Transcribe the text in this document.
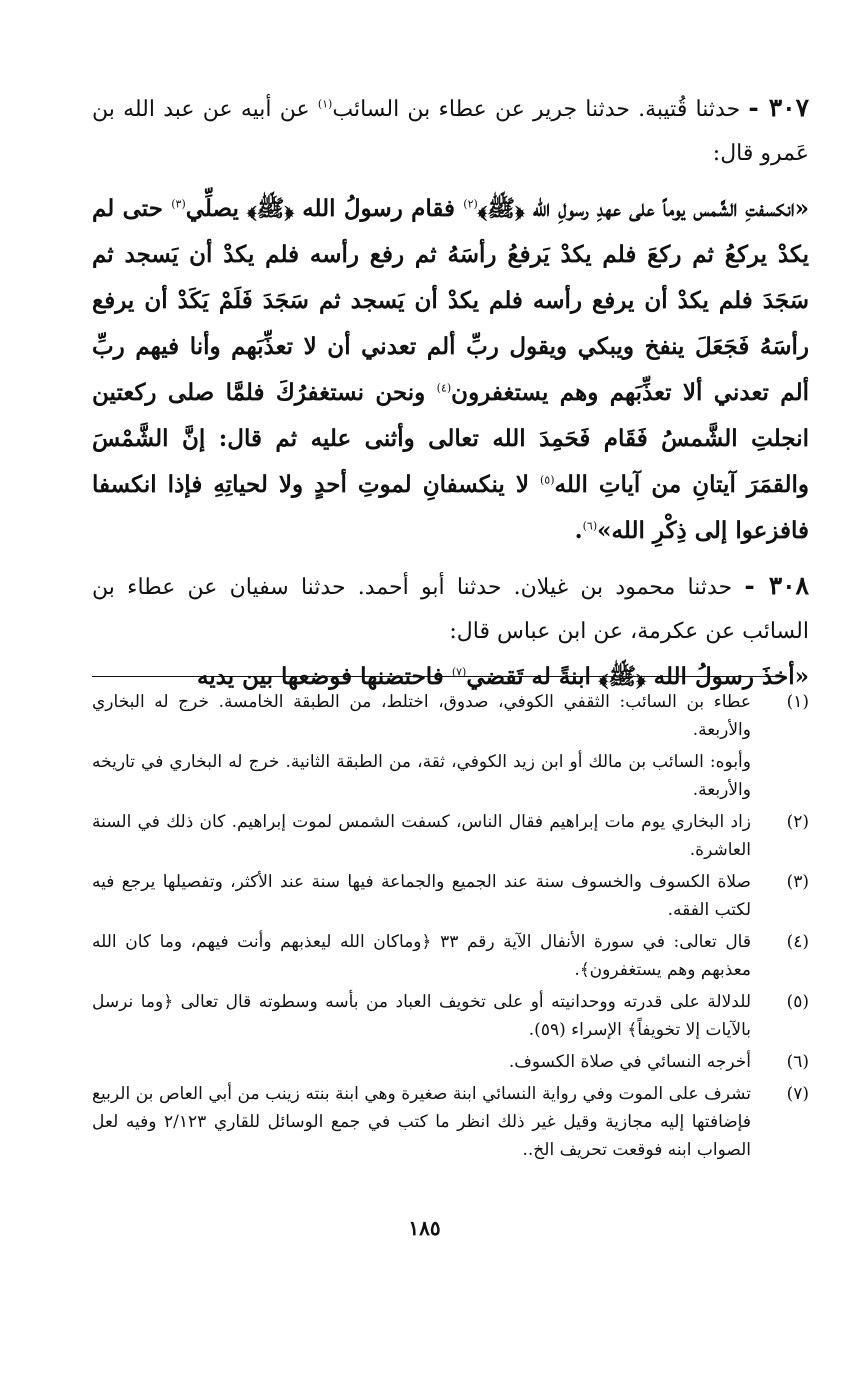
٣٠٧ - حدثنا قُتيبة. حدثنا جرير عن عطاء بن السائب$^{(١)}$ عن أبيه عن عبد الله بن عَمرو قال:

«انكسفتِ الشَّمس يوماً على عهدِ رسولِ الله ﴿ﷺ﴾$^{(٢)}$ فقام رسولُ الله ﴿ﷺ﴾ يصلِّي$^{(٣)}$ حتى لم يكدْ يركعُ ثم ركعَ فلم يكدْ يَرفعُ رأسَهُ ثم رفع رأسه فلم يكدْ أن يَسجد ثم سَجَدَ فلم يكدْ أن يرفع رأسه فلم يكدْ أن يَسجد ثم سَجَدَ فَلَمْ يَكَدْ أن يرفع رأسَهُ فَجَعَلَ ينفخ ويبكي ويقول ربِّ ألم تعدني أن لا تعذِّبَهم وأنا فيهم ربِّ ألم تعدني ألا تعذِّبَهم وهم يستغفرون$^{(٤)}$ ونحن نستغفرُكَ فلمَّا صلى ركعتين انجلتِ الشَّمسُ فَقَام فَحَمِدَ الله تعالى وأثنى عليه ثم قال: إنَّ الشَّمْسَ والقمَرَ آيتانِ من آياتِ الله$^{(٥)}$ لا ينكسفانِ لموتِ أحدٍ ولا لحياتِهِ فإذا انكسفا فافزعوا إلى ذِكْرِ الله»$^{(٦)}$.

٣٠٨ - حدثنا محمود بن غيلان. حدثنا أبو أحمد. حدثنا سفيان عن عطاء بن السائب عن عكرمة، عن ابن عباس قال:

«أخذَ رسولُ الله ﴿ﷺ﴾ ابنةً له تَقضي$^{(٧)}$ فاحتضنها فوضعها بين يديه

(١)
عطاء بن السائب: الثقفي الكوفي، صدوق، اختلط، من الطبقة الخامسة. خرج له البخاري والأربعة.
وأبوه: السائب بن مالك أو ابن زيد الكوفي، ثقة، من الطبقة الثانية. خرج له البخاري في تاريخه والأربعة.
(٢)
زاد البخاري يوم مات إبراهيم فقال الناس، كسفت الشمس لموت إبراهيم. كان ذلك في السنة العاشرة.
(٣)
صلاة الكسوف والخسوف سنة عند الجميع والجماعة فيها سنة عند الأكثر، وتفصيلها يرجع فيه لكتب الفقه.
(٤)
قال تعالى: في سورة الأنفال الآية رقم ٣٣ ﴿وماكان الله ليعذبهم وأنت فيهم، وما كان الله معذبهم وهم يستغفرون﴾.
(٥)
للدلالة على قدرته ووحدانيته أو على تخويف العباد من بأسه وسطوته قال تعالى ﴿وما نرسل بالآيات إلا تخويفاً﴾ الإسراء (٥٩).
(٦)
أخرجه النسائي في صلاة الكسوف.
(٧)
تشرف على الموت وفي رواية النسائي ابنة صغيرة وهي ابنة بنته زينب من أبي العاص بن الربيع فإضافتها إليه مجازية وقيل غير ذلك انظر ما كتب في جمع الوسائل للقاري ٢/١٢٣ وفيه لعل الصواب ابنه فوقعت تحريف الخ..
١٨٥
